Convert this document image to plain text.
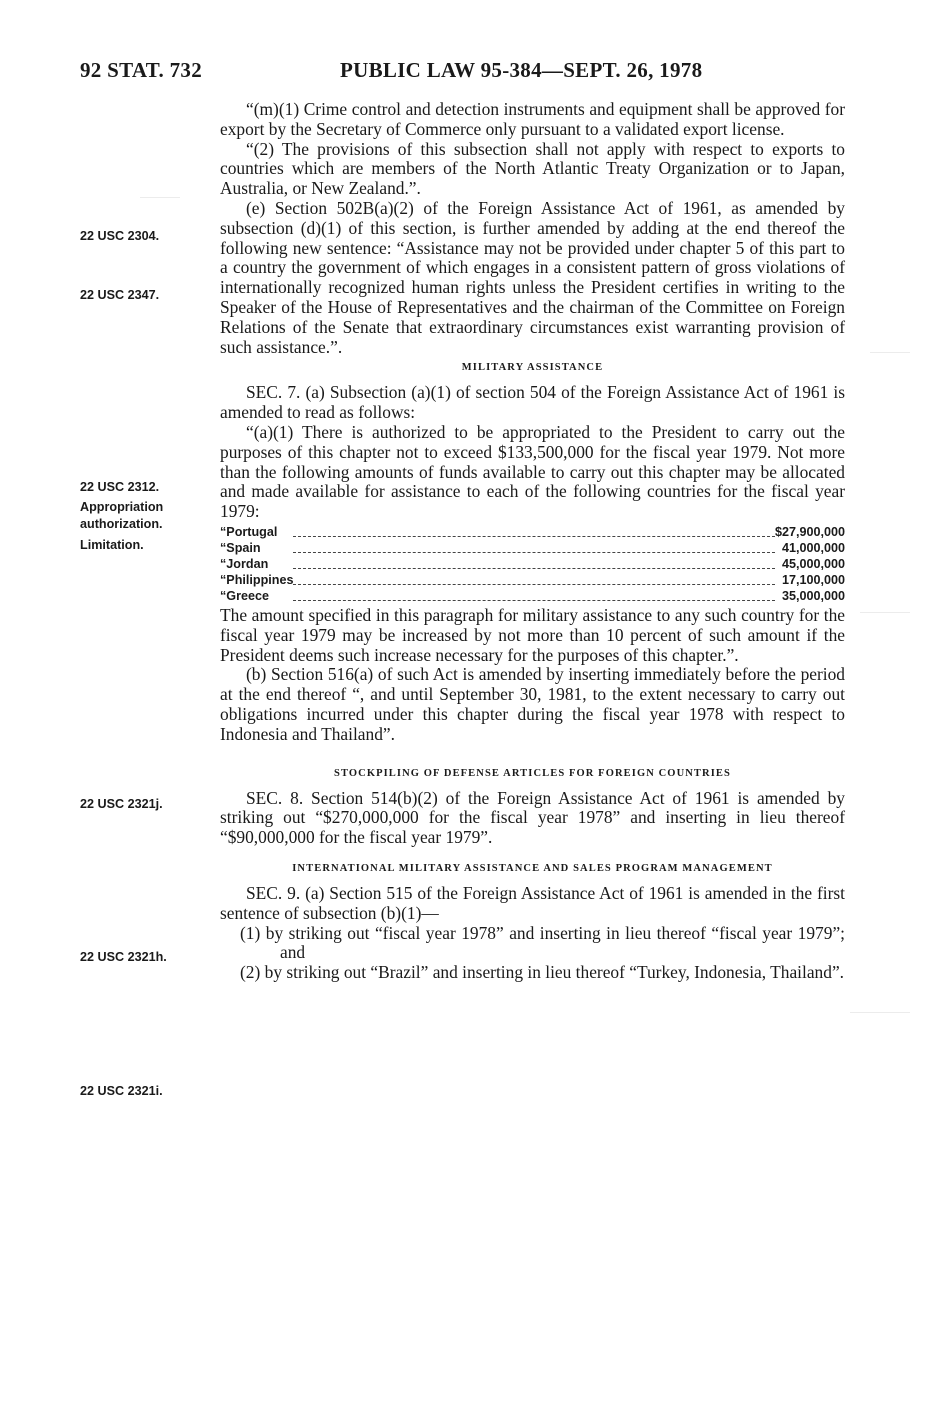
92 STAT. 732	PUBLIC LAW 95-384—SEPT. 26, 1978
22 USC 2304.
22 USC 2347.
22 USC 2312.
Appropriation authorization.
Limitation.
22 USC 2321j.
22 USC 2321h.
22 USC 2321i.

“(m)(1) Crime control and detection instruments and equipment shall be approved for export by the Secretary of Commerce only pursuant to a validated export license.

“(2) The provisions of this subsection shall not apply with respect to exports to countries which are members of the North Atlantic Treaty Organization or to Japan, Australia, or New Zealand.”.

(e) Section 502B(a)(2) of the Foreign Assistance Act of 1961, as amended by subsection (d)(1) of this section, is further amended by adding at the end thereof the following new sentence: “Assistance may not be provided under chapter 5 of this part to a country the government of which engages in a consistent pattern of gross violations of internationally recognized human rights unless the President certifies in writing to the Speaker of the House of Representatives and the chairman of the Committee on Foreign Relations of the Senate that extraordinary circumstances exist warranting provision of such assistance.”.

MILITARY ASSISTANCE

SEC. 7. (a) Subsection (a)(1) of section 504 of the Foreign Assistance Act of 1961 is amended to read as follows:

“(a)(1) There is authorized to be appropriated to the President to carry out the purposes of this chapter not to exceed $133,500,000 for the fiscal year 1979. Not more than the following amounts of funds available to carry out this chapter may be allocated and made available for assistance to each of the following countries for the fiscal year 1979:

“Portugal		$27,900,000
“Spain		41,000,000
“Jordan		45,000,000
“Philippines		17,100,000
“Greece		35,000,000

The amount specified in this paragraph for military assistance to any such country for the fiscal year 1979 may be increased by not more than 10 percent of such amount if the President deems such increase necessary for the purposes of this chapter.”.

(b) Section 516(a) of such Act is amended by inserting immediately before the period at the end thereof “, and until September 30, 1981, to the extent necessary to carry out obligations incurred under this chapter during the fiscal year 1978 with respect to Indonesia and Thailand”.

STOCKPILING OF DEFENSE ARTICLES FOR FOREIGN COUNTRIES

SEC. 8. Section 514(b)(2) of the Foreign Assistance Act of 1961 is amended by striking out “$270,000,000 for the fiscal year 1978” and inserting in lieu thereof “$90,000,000 for the fiscal year 1979”.

INTERNATIONAL MILITARY ASSISTANCE AND SALES PROGRAM MANAGEMENT

SEC. 9. (a) Section 515 of the Foreign Assistance Act of 1961 is amended in the first sentence of subsection (b)(1)—

(1) by striking out “fiscal year 1978” and inserting in lieu thereof “fiscal year 1979”; and

(2) by striking out “Brazil” and inserting in lieu thereof “Turkey, Indonesia, Thailand”.
